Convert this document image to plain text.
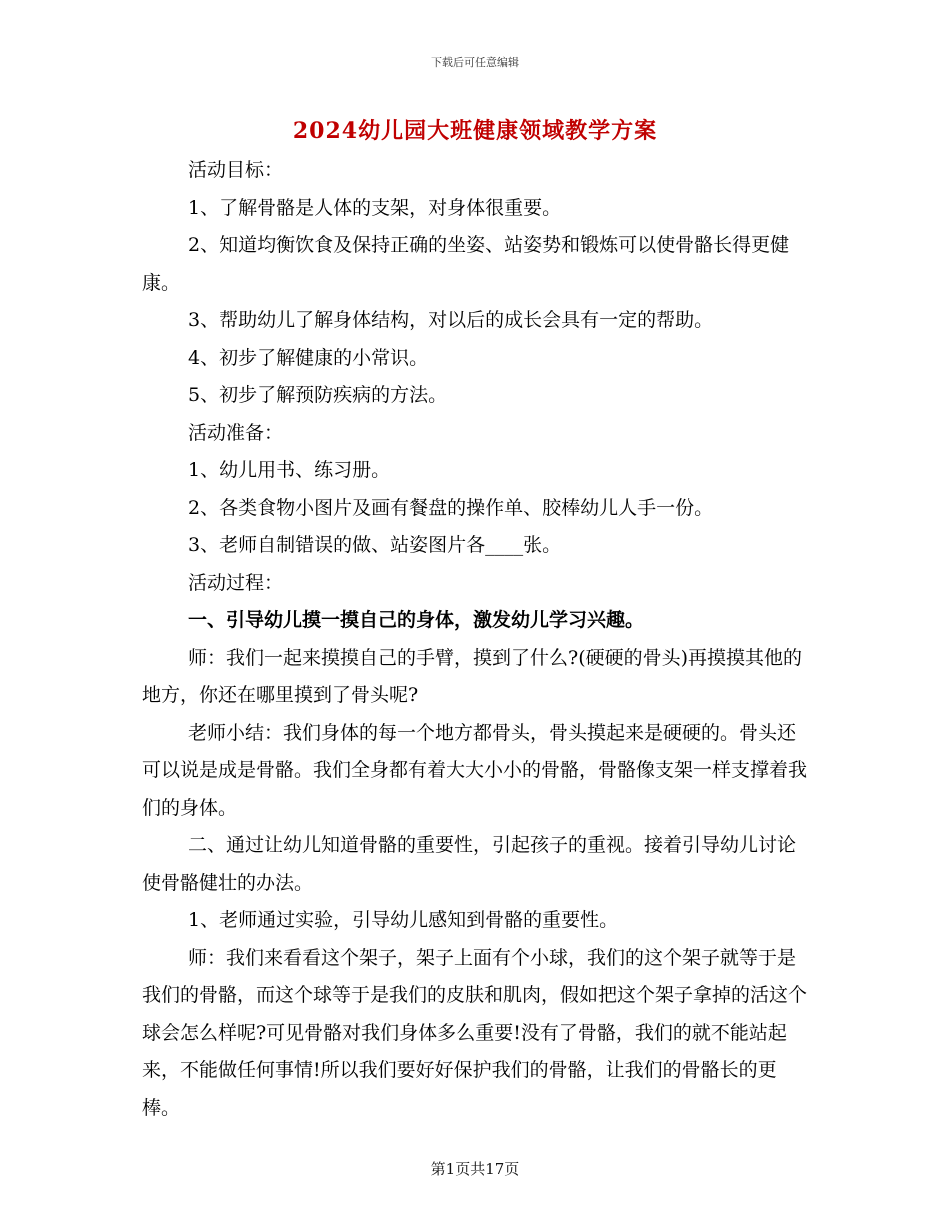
下载后可任意编辑
2024幼儿园大班健康领域教学方案

活动目标：

1、了解骨骼是人体的支架，对身体很重要。

2、知道均衡饮食及保持正确的坐姿、站姿势和锻炼可以使骨骼长得更健康。

3、帮助幼儿了解身体结构，对以后的成长会具有一定的帮助。

4、初步了解健康的小常识。

5、初步了解预防疾病的方法。

活动准备：

1、幼儿用书、练习册。

2、各类食物小图片及画有餐盘的操作单、胶棒幼儿人手一份。

3、老师自制错误的做、站姿图片各____张。

活动过程：

一、引导幼儿摸一摸自己的身体，激发幼儿学习兴趣。

师：我们一起来摸摸自己的手臂，摸到了什么?(硬硬的骨头)再摸摸其他的地方，你还在哪里摸到了骨头呢?

老师小结：我们身体的每一个地方都骨头，骨头摸起来是硬硬的。骨头还可以说是成是骨骼。我们全身都有着大大小小的骨骼，骨骼像支架一样支撑着我们的身体。

二、通过让幼儿知道骨骼的重要性，引起孩子的重视。接着引导幼儿讨论使骨骼健壮的办法。

1、老师通过实验，引导幼儿感知到骨骼的重要性。

师：我们来看看这个架子，架子上面有个小球，我们的这个架子就等于是我们的骨骼，而这个球等于是我们的皮肤和肌肉，假如把这个架子拿掉的活这个球会怎么样呢?可见骨骼对我们身体多么重要!没有了骨骼，我们的就不能站起来，不能做任何事情!所以我们要好好保护我们的骨骼，让我们的骨骼长的更棒。

第1页共17页
